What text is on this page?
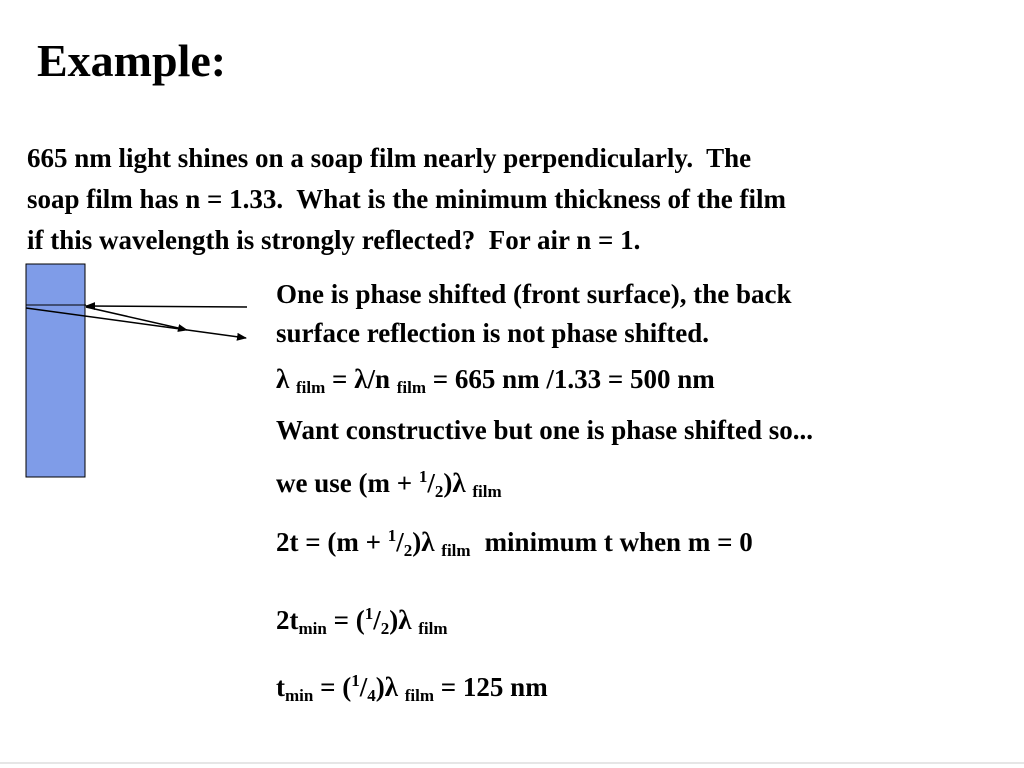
Example:
665 nm light shines on a soap film nearly perpendicularly.  The
soap film has n = 1.33.  What is the minimum thickness of the film
if this wavelength is strongly reflected?  For air n = 1.
One is phase shifted (front surface), the back
surface reflection is not phase shifted.
λ $_{film}$ = λ/n $_{film}$ = 665 nm /1.33 = 500 nm
Want constructive but one is phase shifted so...
we use $(m + ^1/_2)\lambda$ $_{film}$
$2t = (m + ^1/_2)\lambda$ $_{film}$ minimum t when m = 0
$2t_{min} = (^1/_2)\lambda$ $_{film}$
$t_{min} = (^1/_4)\lambda$ $_{film}$ = 125 nm
